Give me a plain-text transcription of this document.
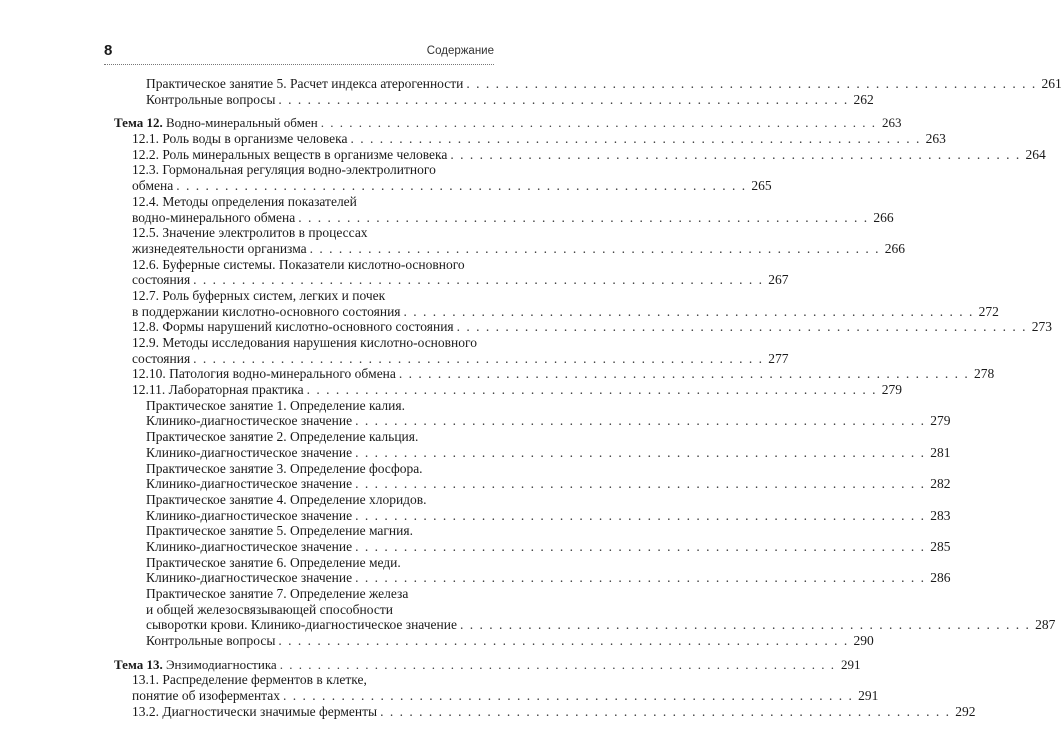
8	Содержание
Практическое занятие 5. Расчет индекса атерогенности . . . . . . . . . . . . . . . . . . . . . . . . . . . . . . . . . . . . . . . . . . . . . . . . . . . . . . . . . . . 261
Контрольные вопросы . . . . . . . . . . . . . . . . . . . . . . . . . . . . . . . . . . . . . . . . . . . . . . . . . . . . . . . . . . . 262
Тема 12. Водно-минеральный обмен . . . . . . . . . . . . . . . . . . . . . . . . . . . . . . . . . . . . . . . . . . . . . . . . . . . . . . . . . . . 263
12.1. Роль воды в организме человека . . . . . . . . . . . . . . . . . . . . . . . . . . . . . . . . . . . . . . . . . . . . . . . . . . . . . . . . . . . 263
12.2. Роль минеральных веществ в организме человека . . . . . . . . . . . . . . . . . . . . . . . . . . . . . . . . . . . . . . . . . . . . . . . . . . . . . . . . . . . 264
12.3. Гормональная регуляция водно-электролитного
обмена . . . . . . . . . . . . . . . . . . . . . . . . . . . . . . . . . . . . . . . . . . . . . . . . . . . . . . . . . . . 265
12.4. Методы определения показателей
водно-минерального обмена . . . . . . . . . . . . . . . . . . . . . . . . . . . . . . . . . . . . . . . . . . . . . . . . . . . . . . . . . . . 266
12.5. Значение электролитов в процессах
жизнедеятельности организма . . . . . . . . . . . . . . . . . . . . . . . . . . . . . . . . . . . . . . . . . . . . . . . . . . . . . . . . . . . 266
12.6. Буферные системы. Показатели кислотно-основного
состояния . . . . . . . . . . . . . . . . . . . . . . . . . . . . . . . . . . . . . . . . . . . . . . . . . . . . . . . . . . . 267
12.7. Роль буферных систем, легких и почек
в поддержании кислотно-основного состояния . . . . . . . . . . . . . . . . . . . . . . . . . . . . . . . . . . . . . . . . . . . . . . . . . . . . . . . . . . . 272
12.8. Формы нарушений кислотно-основного состояния . . . . . . . . . . . . . . . . . . . . . . . . . . . . . . . . . . . . . . . . . . . . . . . . . . . . . . . . . . . 273
12.9. Методы исследования нарушения кислотно-основного
состояния . . . . . . . . . . . . . . . . . . . . . . . . . . . . . . . . . . . . . . . . . . . . . . . . . . . . . . . . . . . 277
12.10. Патология водно-минерального обмена . . . . . . . . . . . . . . . . . . . . . . . . . . . . . . . . . . . . . . . . . . . . . . . . . . . . . . . . . . . 278
12.11. Лабораторная практика . . . . . . . . . . . . . . . . . . . . . . . . . . . . . . . . . . . . . . . . . . . . . . . . . . . . . . . . . . . 279
Практическое занятие 1. Определение калия.
Клинико-диагностическое значение . . . . . . . . . . . . . . . . . . . . . . . . . . . . . . . . . . . . . . . . . . . . . . . . . . . . . . . . . . . 279
Практическое занятие 2. Определение кальция.
Клинико-диагностическое значение . . . . . . . . . . . . . . . . . . . . . . . . . . . . . . . . . . . . . . . . . . . . . . . . . . . . . . . . . . . 281
Практическое занятие 3. Определение фосфора.
Клинико-диагностическое значение . . . . . . . . . . . . . . . . . . . . . . . . . . . . . . . . . . . . . . . . . . . . . . . . . . . . . . . . . . . 282
Практическое занятие 4. Определение хлоридов.
Клинико-диагностическое значение . . . . . . . . . . . . . . . . . . . . . . . . . . . . . . . . . . . . . . . . . . . . . . . . . . . . . . . . . . . 283
Практическое занятие 5. Определение магния.
Клинико-диагностическое значение . . . . . . . . . . . . . . . . . . . . . . . . . . . . . . . . . . . . . . . . . . . . . . . . . . . . . . . . . . . 285
Практическое занятие 6. Определение меди.
Клинико-диагностическое значение . . . . . . . . . . . . . . . . . . . . . . . . . . . . . . . . . . . . . . . . . . . . . . . . . . . . . . . . . . . 286
Практическое занятие 7. Определение железа
и общей железосвязывающей способности
сыворотки крови. Клинико-диагностическое значение . . . . . . . . . . . . . . . . . . . . . . . . . . . . . . . . . . . . . . . . . . . . . . . . . . . . . . . . . . . 287
Контрольные вопросы . . . . . . . . . . . . . . . . . . . . . . . . . . . . . . . . . . . . . . . . . . . . . . . . . . . . . . . . . . . 290
Тема 13. Энзимодиагностика . . . . . . . . . . . . . . . . . . . . . . . . . . . . . . . . . . . . . . . . . . . . . . . . . . . . . . . . . . . 291
13.1. Распределение ферментов в клетке,
понятие об изоферментах . . . . . . . . . . . . . . . . . . . . . . . . . . . . . . . . . . . . . . . . . . . . . . . . . . . . . . . . . . . 291
13.2. Диагностически значимые ферменты . . . . . . . . . . . . . . . . . . . . . . . . . . . . . . . . . . . . . . . . . . . . . . . . . . . . . . . . . . . 292
